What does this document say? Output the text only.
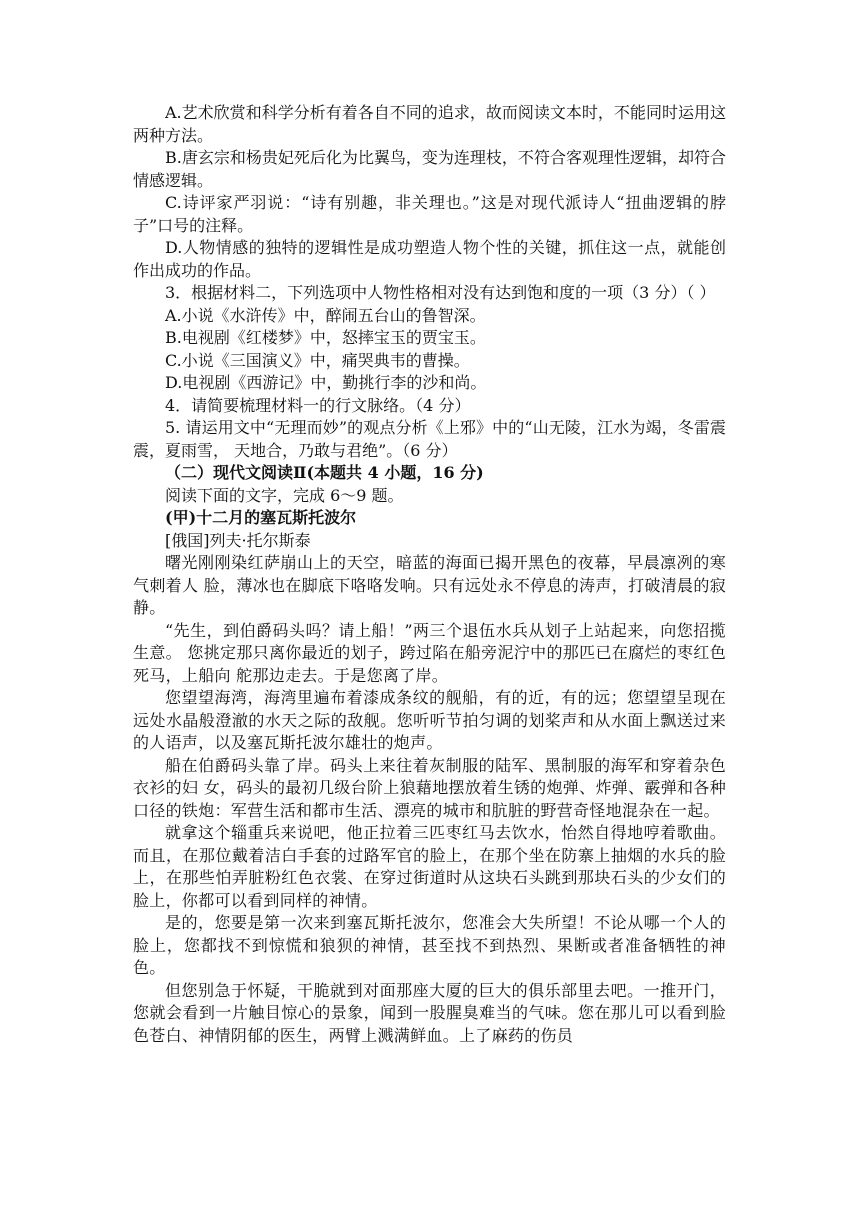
A.艺术欣赏和科学分析有着各自不同的追求，故而阅读文本时，不能同时运用这两种方法。

B.唐玄宗和杨贵妃死后化为比翼鸟，变为连理枝，不符合客观理性逻辑，却符合情感逻辑。

C.诗评家严羽说：“诗有别趣，非关理也。”这是对现代派诗人“扭曲逻辑的脖子”口号的注释。

D.人物情感的独特的逻辑性是成功塑造人物个性的关键，抓住这一点，就能创作出成功的作品。

3．根据材料二，下列选项中人物性格相对没有达到饱和度的一项（3 分）（ ）

A.小说《水浒传》中，醉闹五台山的鲁智深。

B.电视剧《红楼梦》中，怒摔宝玉的贾宝玉。

C.小说《三国演义》中，痛哭典韦的曹操。

D.电视剧《西游记》中，勤挑行李的沙和尚。

4．请简要梳理材料一的行文脉络。（4 分）

5. 请运用文中“无理而妙”的观点分析《上邪》中的“山无陵，江水为竭，冬雷震震，夏雨雪， 天地合，乃敢与君绝”。（6 分）

（二）现代文阅读Ⅱ(本题共 4 小题，16 分)

阅读下面的文字，完成 6～9 题。

(甲)十二月的塞瓦斯托波尔

[俄国]列夫·托尔斯泰

曙光刚刚染红萨崩山上的天空，暗蓝的海面已揭开黑色的夜幕，早晨凛冽的寒气刺着人 脸，薄冰也在脚底下咯咯发响。只有远处永不停息的涛声，打破清晨的寂静。

“先生，到伯爵码头吗？请上船！”两三个退伍水兵从划子上站起来，向您招揽生意。 您挑定那只离你最近的划子，跨过陷在船旁泥泞中的那匹已在腐烂的枣红色死马，上船向 舵那边走去。于是您离了岸。

您望望海湾，海湾里遍布着漆成条纹的舰船，有的近，有的远；您望望呈现在远处水晶般澄澈的水天之际的敌舰。您听听节拍匀调的划桨声和从水面上飘送过来的人语声，以及塞瓦斯托波尔雄壮的炮声。

船在伯爵码头靠了岸。码头上来往着灰制服的陆军、黑制服的海军和穿着杂色衣衫的妇 女，码头的最初几级台阶上狼藉地摆放着生锈的炮弹、炸弹、霰弹和各种口径的铁炮：军营生活和都市生活、漂亮的城市和肮脏的野营奇怪地混杂在一起。

就拿这个辎重兵来说吧，他正拉着三匹枣红马去饮水，怡然自得地哼着歌曲。而且，在那位戴着洁白手套的过路军官的脸上，在那个坐在防寨上抽烟的水兵的脸上，在那些怕弄脏粉红色衣裳、在穿过街道时从这块石头跳到那块石头的少女们的脸上，你都可以看到同样的神情。

是的，您要是第一次来到塞瓦斯托波尔，您准会大失所望！不论从哪一个人的脸上，您都找不到惊慌和狼狈的神情，甚至找不到热烈、果断或者准备牺牲的神色。

但您别急于怀疑，干脆就到对面那座大厦的巨大的俱乐部里去吧。一推开门，您就会看到一片触目惊心的景象，闻到一股腥臭难当的气味。您在那儿可以看到脸色苍白、神情阴郁的医生，两臂上溅满鲜血。上了麻药的伤员
